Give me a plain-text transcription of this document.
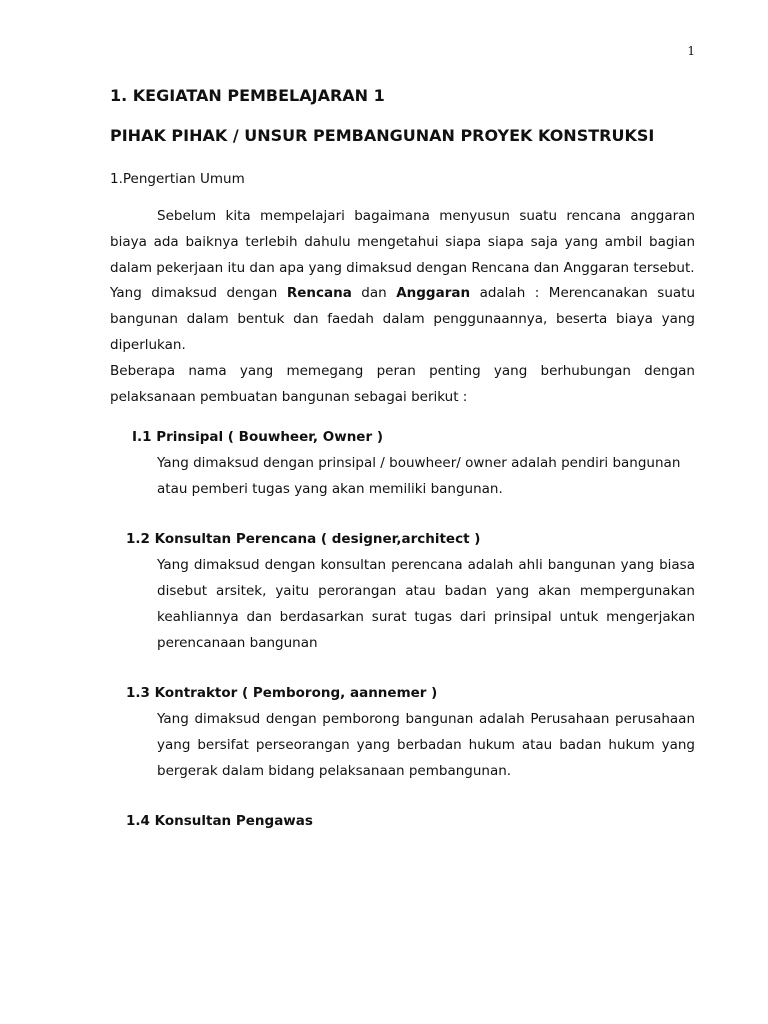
1
1. KEGIATAN PEMBELAJARAN 1
PIHAK PIHAK / UNSUR PEMBANGUNAN PROYEK KONSTRUKSI

1.Pengertian Umum

Sebelum kita mempelajari bagaimana menyusun suatu rencana anggaran biaya ada baiknya terlebih dahulu mengetahui siapa siapa saja yang ambil bagian dalam pekerjaan itu dan apa yang dimaksud dengan Rencana dan Anggaran tersebut.

Yang dimaksud dengan Rencana dan Anggaran adalah : Merencanakan suatu bangunan dalam bentuk dan faedah dalam penggunaannya, beserta biaya yang diperlukan.

Beberapa nama yang memegang peran penting yang berhubungan dengan pelaksanaan pembuatan bangunan sebagai berikut :

I.1 Prinsipal ( Bouwheer, Owner )

Yang dimaksud dengan prinsipal / bouwheer/ owner adalah pendiri bangunan atau pemberi tugas yang akan memiliki bangunan.

1.2 Konsultan Perencana ( designer,architect )

Yang dimaksud dengan konsultan perencana adalah ahli bangunan yang biasa disebut arsitek, yaitu perorangan atau badan yang akan mempergunakan keahliannya dan berdasarkan surat tugas dari prinsipal untuk mengerjakan perencanaan bangunan

1.3 Kontraktor ( Pemborong, aannemer )

Yang dimaksud dengan pemborong bangunan adalah Perusahaan perusahaan yang bersifat perseorangan yang berbadan hukum atau badan hukum yang bergerak dalam bidang pelaksanaan pembangunan.

1.4 Konsultan Pengawas
